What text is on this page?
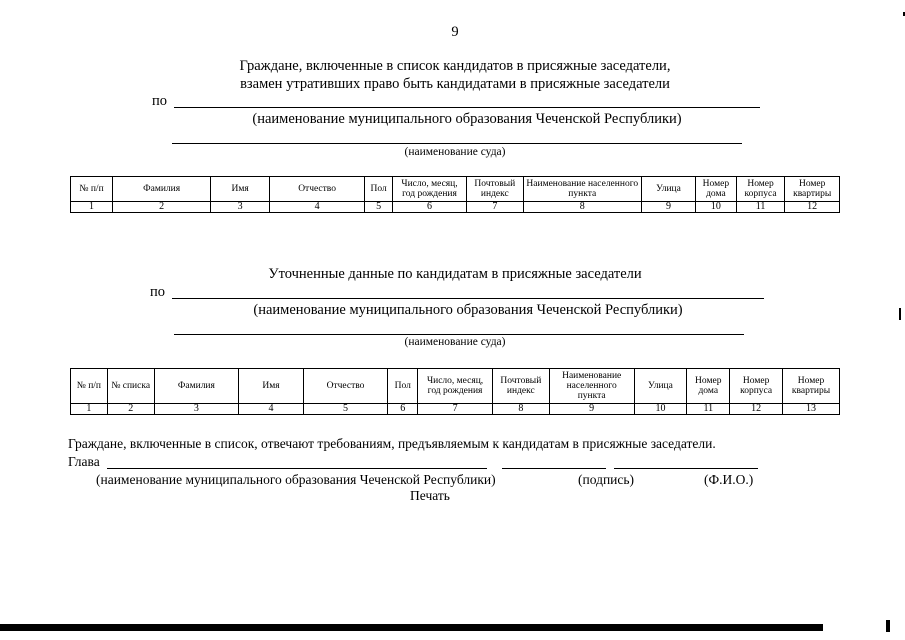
9
Граждане, включенные в список кандидатов в присяжные заседатели,
взамен утративших право быть кандидатами в присяжные заседатели
по
(наименование муниципального образования Чеченской Республики)
(наименование суда)
№ п/п	Фамилия	Имя	Отчество	Пол	Число, месяц, год рождения	Почтовый индекс	Наименование населенного пункта	Улица	Номер дома	Номер корпуса	Номер квартиры
1	2	3	4	5	6	7	8	9	10	11	12
Уточненные данные по кандидатам в присяжные заседатели
по
(наименование муниципального образования Чеченской Республики)
(наименование суда)
№ п/п	№ списка	Фамилия	Имя	Отчество	Пол	Число, месяц, год рождения	Почтовый индекс	Наименование населенного пункта	Улица	Номер дома	Номер корпуса	Номер квартиры
1	2	3	4	5	6	7	8	9	10	11	12	13
Граждане, включенные в список, отвечают требованиям, предъявляемым к кандидатам в присяжные заседатели.
Глава
(наименование муниципального образования Чеченской Республики)	(подпись)	(Ф.И.О.)
Печать
